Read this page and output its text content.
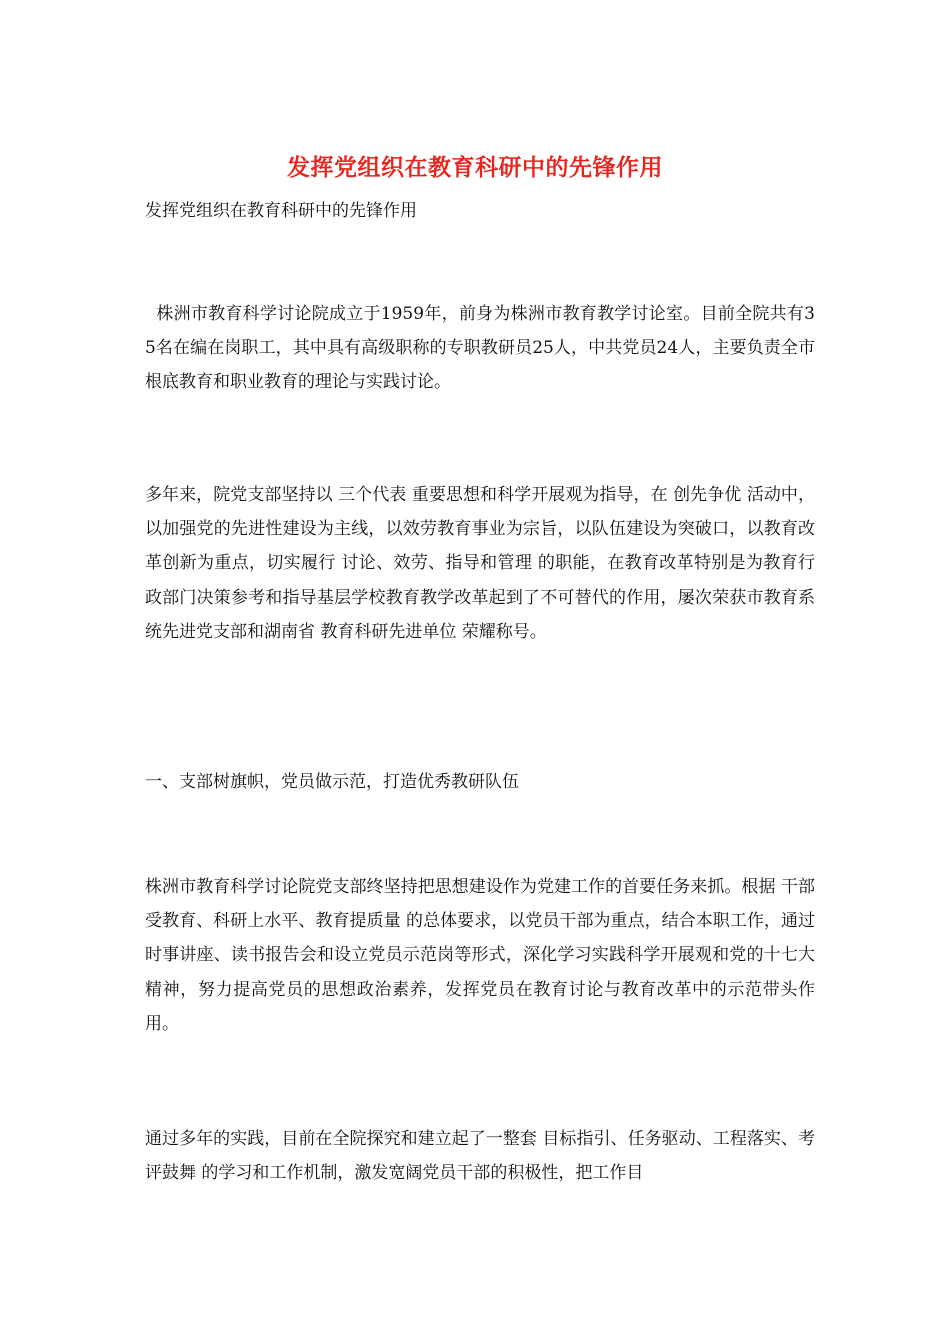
发挥党组织在教育科研中的先锋作用
发挥党组织在教育科研中的先锋作用

株洲市教育科学讨论院成立于1959年，前身为株洲市教育教学讨论室。目前全院共有35名在编在岗职工，其中具有高级职称的专职教研员25人，中共党员24人，主要负责全市根底教育和职业教育的理论与实践讨论。

多年来，院党支部坚持以 三个代表 重要思想和科学开展观为指导，在 创先争优 活动中，以加强党的先进性建设为主线，以效劳教育事业为宗旨，以队伍建设为突破口，以教育改革创新为重点，切实履行 讨论、效劳、指导和管理 的职能，在教育改革特别是为教育行政部门决策参考和指导基层学校教育教学改革起到了不可替代的作用，屡次荣获市教育系统先进党支部和湖南省 教育科研先进单位 荣耀称号。

一、支部树旗帜，党员做示范，打造优秀教研队伍

株洲市教育科学讨论院党支部终坚持把思想建设作为党建工作的首要任务来抓。根据 干部受教育、科研上水平、教育提质量 的总体要求，以党员干部为重点，结合本职工作，通过时事讲座、读书报告会和设立党员示范岗等形式，深化学习实践科学开展观和党的十七大精神，努力提高党员的思想政治素养，发挥党员在教育讨论与教育改革中的示范带头作用。

通过多年的实践，目前在全院探究和建立起了一整套 目标指引、任务驱动、工程落实、考评鼓舞 的学习和工作机制，激发宽阔党员干部的积极性，把工作目
